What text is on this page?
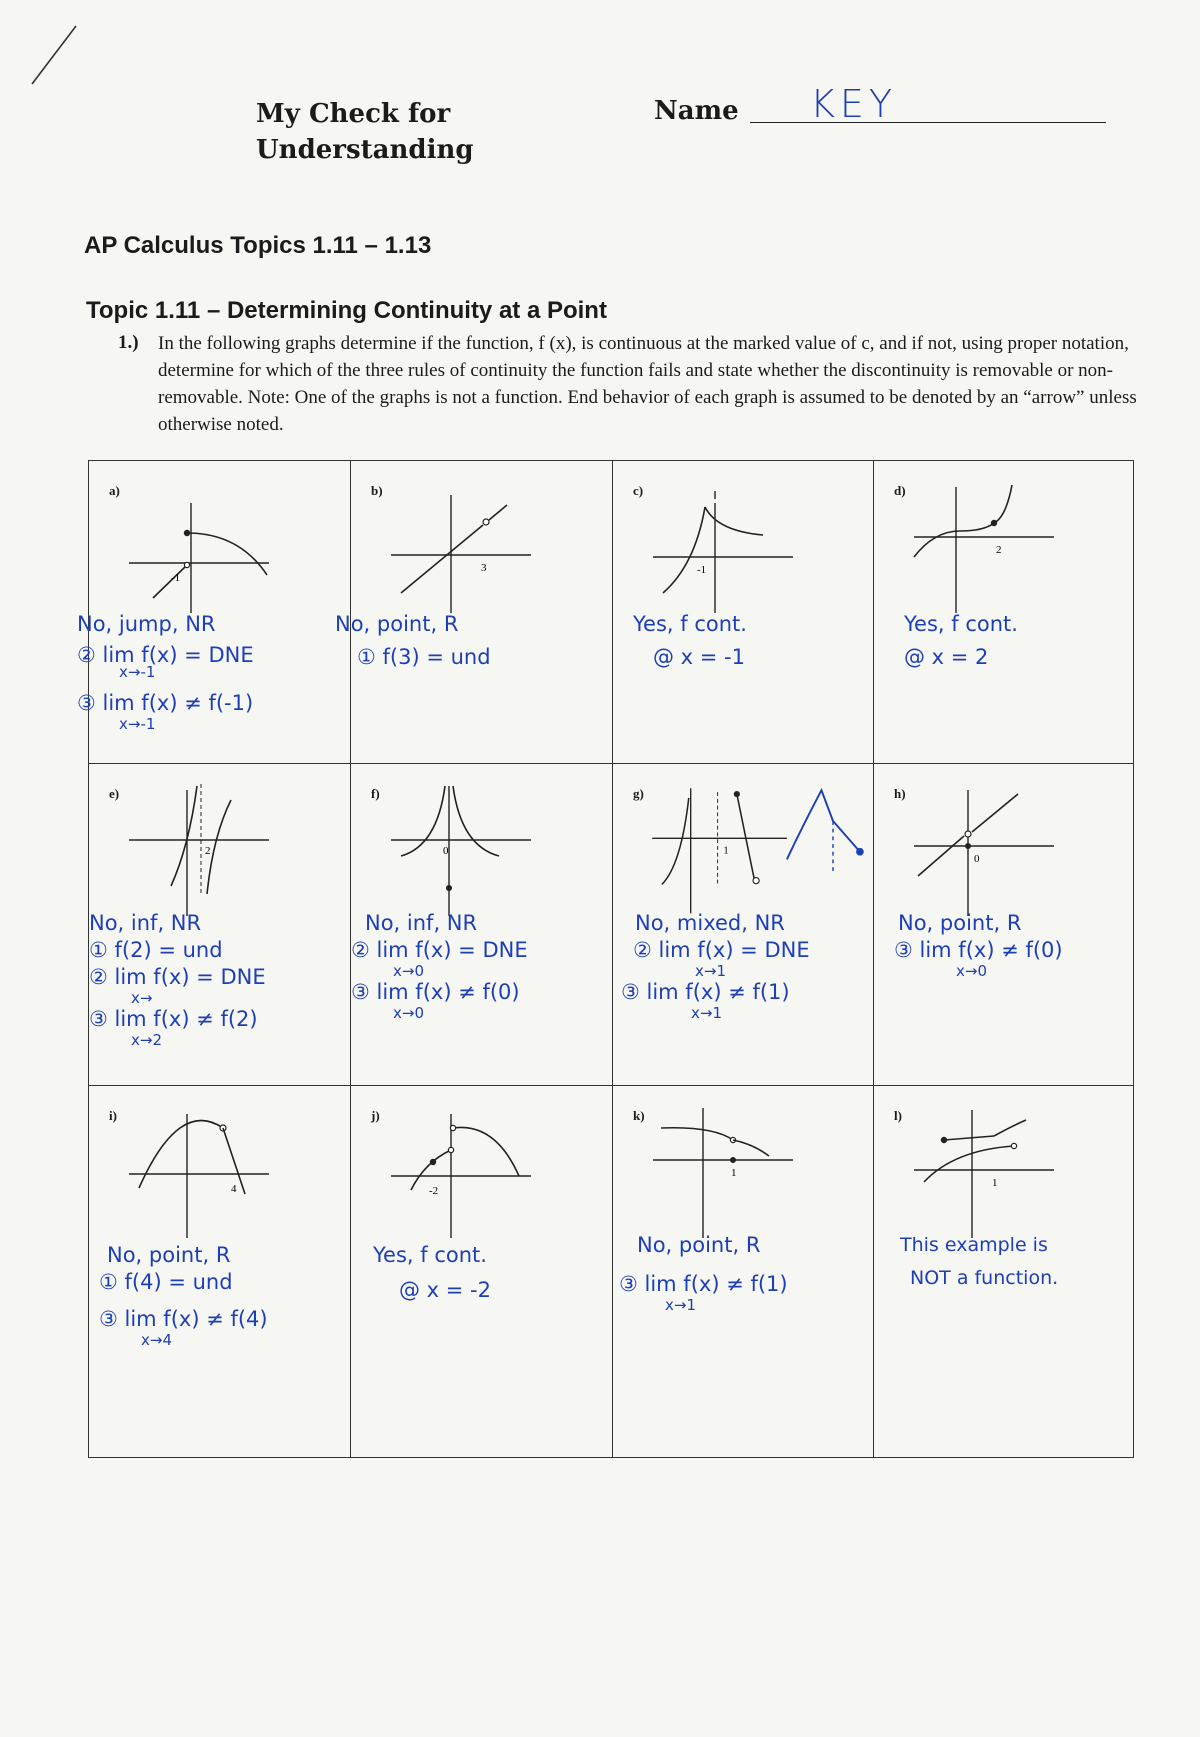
My Check for
Understanding
Name KEY
AP Calculus Topics 1.11 – 1.13
Topic 1.11 – Determining Continuity at a Point
1.) In the following graphs determine if the function, f (x), is continuous at the marked value of c, and if not, using proper notation, determine for which of the three rules of continuity the function fails and state whether the discontinuity is removable or non-removable. Note: One of the graphs is not a function. End behavior of each graph is assumed to be denoted by an “arrow” unless otherwise noted.
a)
-1
No, jump, NR
② lim f(x) = DNE
x→-1
③ lim f(x) ≠ f(-1)
x→-1
b)
3
No, point, R
① f(3) = und
c)
-1
Yes, f cont.
@ x = -1
d)
2
Yes, f cont.
@ x = 2
e)
2
No, inf, NR
① f(2) = und
② lim f(x) = DNE
x→
③ lim f(x) ≠ f(2)
x→2
f)
0
No, inf, NR
② lim f(x) = DNE
x→0
③ lim f(x) ≠ f(0)
x→0
g)
1
No, mixed, NR
② lim f(x) = DNE
x→1
③ lim f(x) ≠ f(1)
x→1
h)
0
No, point, R
③ lim f(x) ≠ f(0)
x→0
i)
4
No, point, R
① f(4) = und
③ lim f(x) ≠ f(4)
x→4
j)
-2
Yes, f cont.
@ x = -2
k)
1
No, point, R
③ lim f(x) ≠ f(1)
x→1
l)
1
This example is
NOT a function.
